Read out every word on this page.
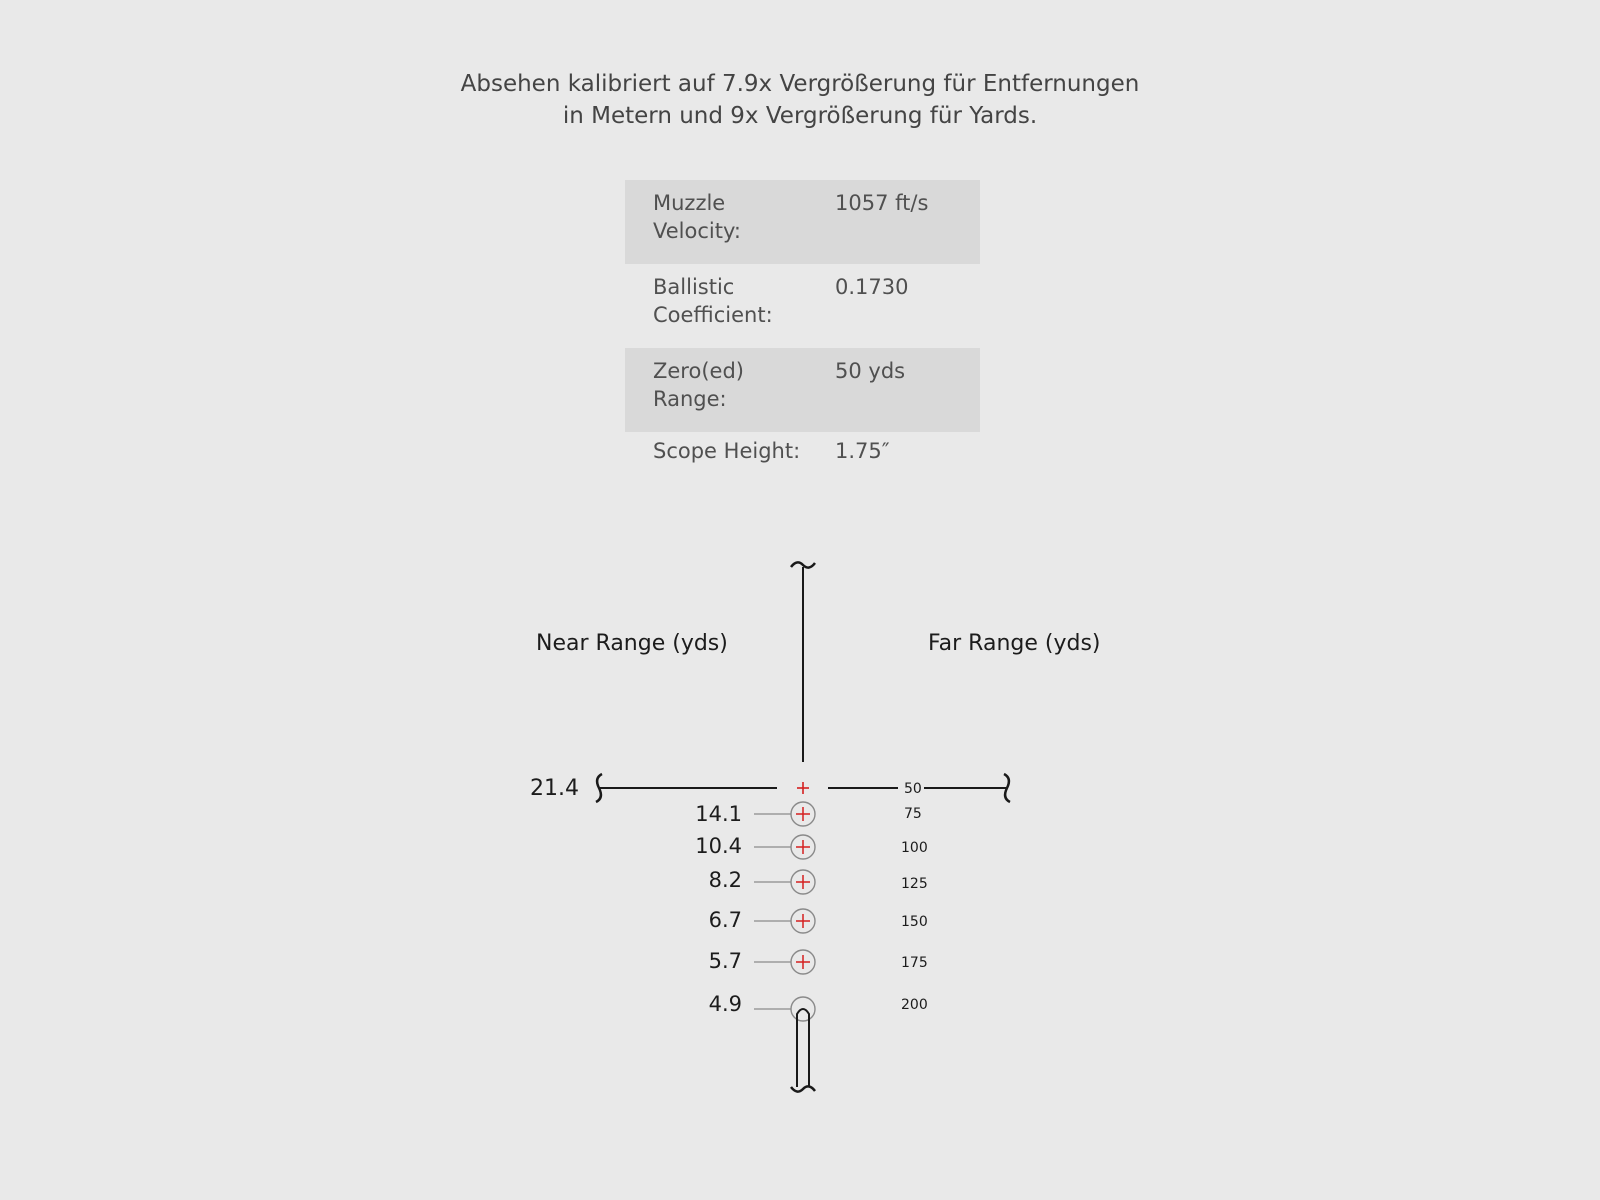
Absehen kalibriert auf 7.9x Vergrößerung für Entfernungen
in Metern und 9x Vergrößerung für Yards.
Muzzle
Velocity:	1057 ft/s
Ballistic
Coefficient:	0.1730
Zero(ed)
Range:	50 yds
Scope Height:	1.75″
Near Range (yds)	Far Range (yds)
21.4	50
14.1	75
10.4	100
8.2	125
6.7	150
5.7	175
4.9	200
